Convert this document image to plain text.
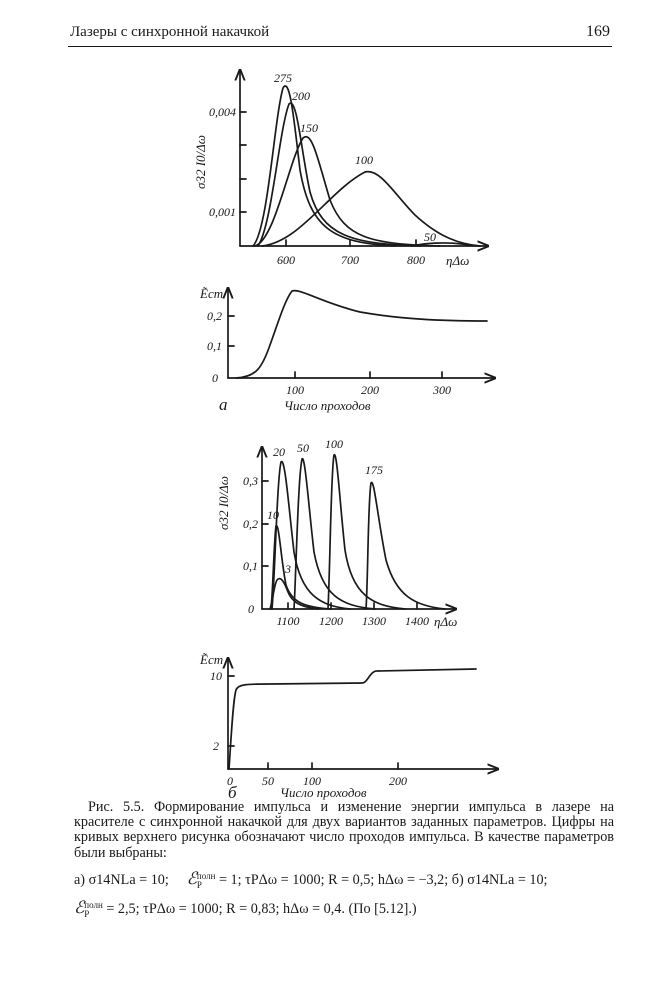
Лазеры с синхронной накачкой	169
σ32 I0/Δω
0,004
0,001
600	700	800 ηΔω
275
200
150
100
50
Ẽст
0,2
0,1
0
100	200	300
а	Число проходов
σ32 I0/Δω 0,3
0,2
0,1
0
1100 1200 1300 1400 ηΔω
20 50 100
175
10
3
Ẽст
10
2
0 50 100	200
б	Число проходов

Рис. 5.5. Формирование импульса и изменение энергии импульса в лазере на красителе с синхронной накачкой для двух вариантов заданных параметров. Цифры на кривых верхнего рисунка обозначают число проходов импульса. В качестве параметров были выбраны:

а) σ14NLa = 10; ℰполн
P = 1; τPΔω = 1000; R = 0,5; hΔω = −3,2; б) σ14NLa = 10;
ℰполн
P = 2,5; τPΔω = 1000; R = 0,83; hΔω = 0,4. (По [5.12].)
